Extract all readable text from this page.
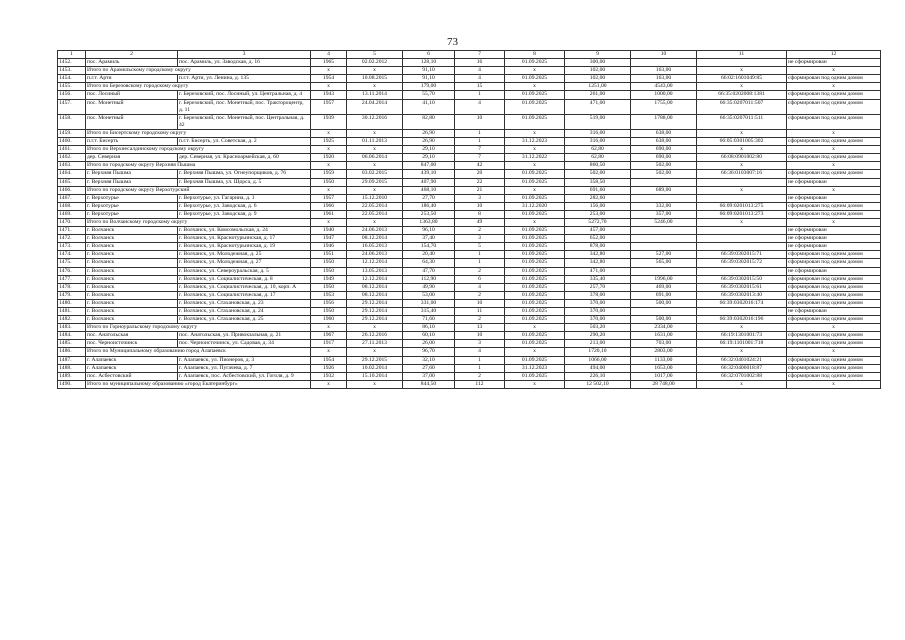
73
1	2	3	4	5	6	7	8	9	10	11	12
1452.	пос. Арамиль	пос. Арамиль, ул. Заводская, д. 16	1965	02.02.2012	128,10	16	01.09.2025	300,00			не сформирован
1453.	Итого по Арамильскому городскому округу		x	x	91,10	4	x	102,00	163,00	x	x
1454.	п.г.т. Арти	п.г.т. Арти, ул. Ленина, д. 135	1954	10.08.2015	91,10	4	01.09.2025	102,00	163,00	66:02:1601049:85	сформирован под одним домом
1455.	Итого по Березовскому городскому округу		x	x	179,00	15	x	1251,00	4543,00	x	x
1456.	пос. Лосиный	г. Березовский, пос. Лосиный, ул. Центральная, д. 4	1943	13.11.2014	55,70	1	01.09.2025	261,00	1000,00	66:35:0202008:1381	сформирован под одним домом
1457.	пос. Монетный	г. Березовский, пос. Монетный, пос. Трактороцентр, д. 11	1957	24.04.2014	41,10	4	01.09.2025	471,00	1755,00	66:35:0207011:507	сформирован под одним домом
1458.	пос. Монетный	г. Березовский, пос. Монетный, пос. Центральная, д. 42	1939	30.12.2016	82,80	10	01.09.2025	519,00	1788,00	66:35:0207011:511	сформирован под одним домом
1459.	Итого по Бисертскому городскому округу		x	x	26,90	1	x	316,00	638,00	x	x
1460.	п.г.т. Бисерть	п.г.т. Бисерть, ул. Советская, д. 2	1925	01.11.2013	26,90	1	31.12.2023	316,00	638,00	66:05:0301005:302	сформирован под одним домом
1461.	Итого по Верхнесалдинскому городскому округу		x	x	29,10	7	x	62,80	690,00	x	x
1462.	дер. Северная	дер. Северная, ул. Красноармейская, д. 60	1920	06.06.2014	29,10	7	31.12.2022	62,80	690,00	66:08:0901002:80	сформирован под одним домом
1463.	Итого по городскому округу Верхняя Пышма		x	x	847,00	42	x	860,50	502,00	x	x
1464.	г. Верхняя Пышма	г. Верхняя Пышма, ул. Огнеупорщиков, д. 76	1959	03.02.2015	439,10	20	01.09.2025	502,00	502,00	66:36:0103007:16	сформирован под одним домом
1465.	г. Верхняя Пышма	г. Верхняя Пышма, ул. Щорса, д. 5	1950	29.09.2015	407,90	22	01.09.2025	358,50			не сформирован
1466.	Итого по городскому округу Верхотурский		x	x	468,10	21	x	691,60	689,00	x	x
1467.	г. Верхотурье	г. Верхотурье, ул. Гагарина, д. 1	1957	15.12.2010	27,70	3	01.09.2025	282,60			не сформирован
1468.	г. Верхотурье	г. Верхотурье, ул. Заводская, д. 6	1966	22.05.2014	186,40	10	31.12.2020	156,00	332,00	66:09:0201013:275	сформирован под одним домом
1469.	г. Верхотурье	г. Верхотурье, ул. Заводская, д. 9	1961	22.05.2014	253,50	8	01.09.2025	253,00	357,00	66:09:0201013:273	сформирован под одним домом
1470.	Итого по Волчанскому городскому округу		x	x	1363,80	49	x	5272,70	5246,00	x	x
1471.	г. Волчанск	г. Волчанск, ул. Комсомольская, д. 24	1940	24.06.2013	96,10	2	01.09.2025	457,00			не сформирован
1472.	г. Волчанск	г. Волчанск, ул. Краснотурьинская, д. 17	1947	08.12.2014	37,40	3	01.09.2025	652,00			не сформирован
1473.	г. Волчанск	г. Волчанск, ул. Краснотурьинская, д. 19	1946	16.05.2013	154,70	5	01.09.2025	878,00			не сформирован
1474.	г. Волчанск	г. Волчанск, ул. Молодежная, д. 25	1951	24.06.2013	20,40	1	01.09.2025	342,80	527,00	66:39:0302015:71	сформирован под одним домом
1475.	г. Волчанск	г. Волчанск, ул. Молодежная, д. 27	1950	12.12.2014	64,30	1	01.09.2025	342,80	565,00	66:39:0302015:72	сформирован под одним домом
1476.	г. Волчанск	г. Волчанск, ул. Североуральская, д. 5	1950	13.05.2013	47,70	2	01.09.2025	471,00			не сформирован
1477.	г. Волчанск	г. Волчанск, ул. Социалистическая, д. 8	1949	12.12.2014	112,90	6	01.09.2025	335,40	1996,00	66:39:0302015:50	сформирован под одним домом
1478.	г. Волчанск	г. Волчанск, ул. Социалистическая, д. 10, корп. А	1950	08.12.2014	49,90	4	01.09.2025	257,70	469,00	66:39:0302015:61	сформирован под одним домом
1479.	г. Волчанск	г. Волчанск, ул. Социалистическая, д. 17	1953	08.12.2014	53,00	2	01.09.2025	378,00	691,00	66:39:0302013:40	сформирован под одним домом
1480.	г. Волчанск	г. Волчанск, ул. Стахановская, д. 23	1956	29.12.2014	331,00	10	01.09.2025	370,00	500,00	66:39:0302016:174	сформирован под одним домом
1481.	г. Волчанск	г. Волчанск, ул. Стахановская, д. 24	1950	29.12.2014	315,40	11	01.09.2025	370,00			не сформирован
1482.	г. Волчанск	г. Волчанск, ул. Стахановская, д. 25	1960	29.12.2014	71,60	2	01.09.2025	370,00	500,00	66:39:0302016:196	сформирован под одним домом
1483.	Итого по Горноуральскому городскому округу		x	x	86,10	13	x	503,20	2334,00	x	x
1484.	пос. Анатольская	пос. Анатольская, ул. Привокзальная, д. 21	1967	26.12.2016	60,10	10	01.09.2025	290,20	1631,00	66:19:1301001:73	сформирован под одним домом
1485.	пос. Черноисточинск	пос. Черноисточинск, ул. Садовая, д. 34	1917	27.11.2013	26,00	3	01.09.2025	213,00	703,00	66:19:1101001:718	сформирован под одним домом
1486.	Итого по Муниципальному образованию город Алапаевск		x	x	96,70	4	x	1720,10	2803,00	x	x
1487.	г. Алапаевск	г. Алапаевск, ул. Пионеров, д. 3	1954	29.12.2015	32,10	1	01.09.2025	1066,00	1133,00	66:32:0401024:21	сформирован под одним домом
1488.	г. Алапаевск	г. Алапаевск, ул. Пугачева, д. 7	1926	10.02.2014	27,60	1	31.12.2023	494,00	1653,00	66:32:0406018:87	сформирован под одним домом
1489.	пос. Асбестовский	г. Алапаевск, пос. Асбестовский, ул. Гоголя, д. 9	1932	15.10.2014	37,00	2	01.09.2025	226,10	1017,00	66:32:0701002:88	сформирован под одним домом
1490.	Итого по муниципальному образованию «город Екатеринбург»		x	x	844,50	112	x	12 502,10	28 748,00	x	x
